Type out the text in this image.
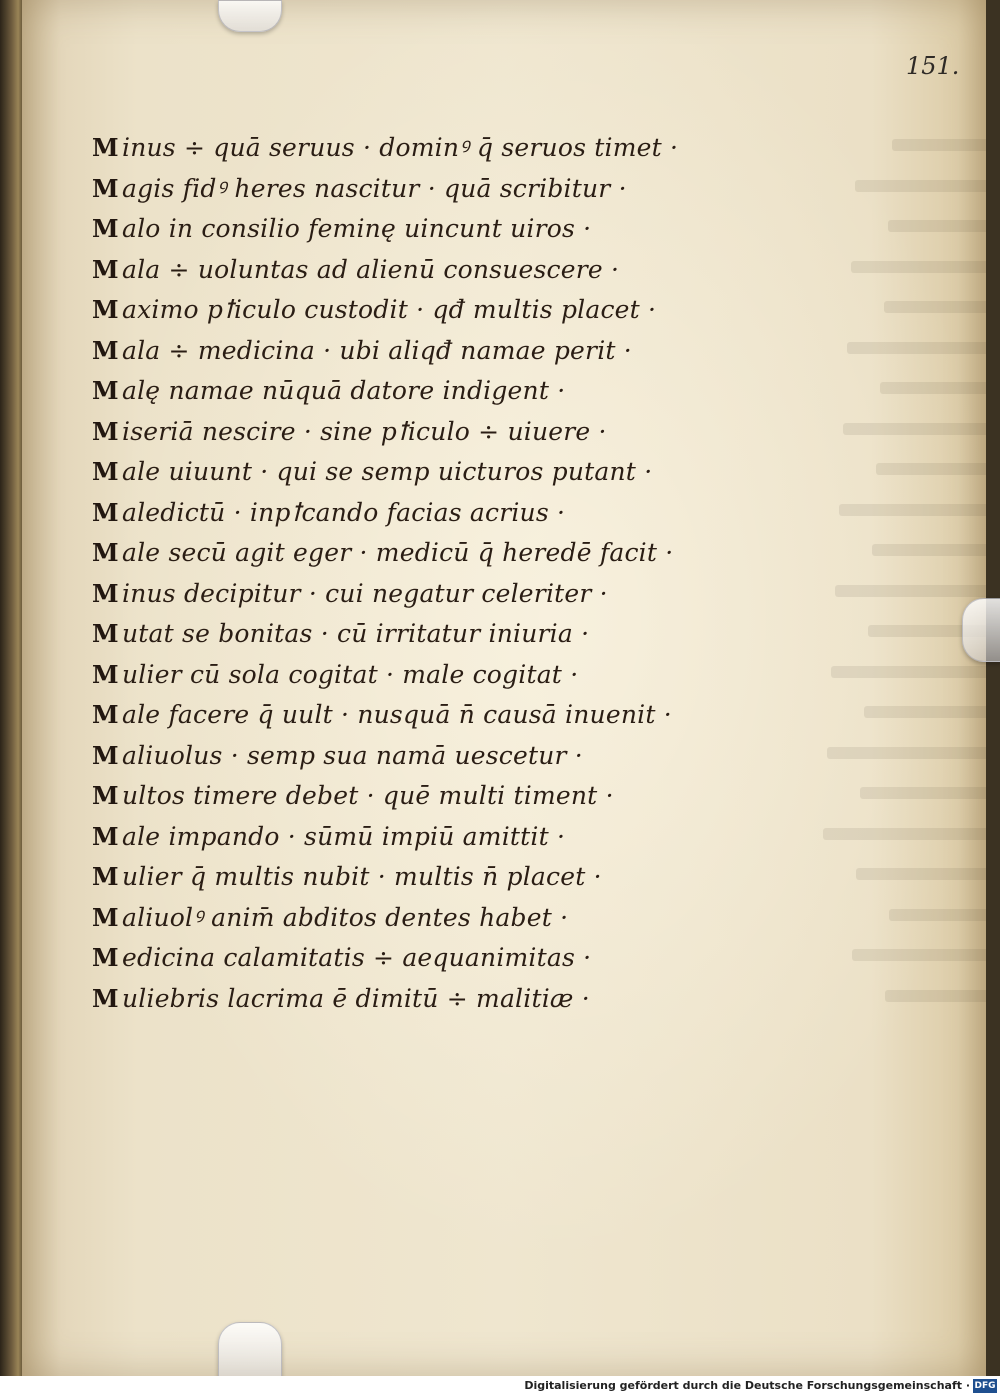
151.
M inus ÷ quā seruus · dominꝰ q̄ seruos timet ·
M agis fidꝰ heres nascitur · quā scribitur ·
M alo in consilio feminę uincunt uiros ·
M ala ÷ uoluntas ad alienū consuescere ·
M aximo pꝉiculo custodit · qđ multis placet ·
M ala ÷ medicina · ubi aliqđ naтae perit ·
M alę naтae nūquā datore indigent ·
M iseriā nescire · sine pꝉiculo ÷ uiuere ·
M ale uiuunt · qui se semp uicturos putant ·
M aledictū · inpꝉcando facias acrius ·
M ale secū agit eger · medicū q̄ heredē facit ·
M inus decipitur · cui negatur celeriter ·
M utat se bonitas · cū irritatur iniuria ·
M ulier cū sola cogitat · male cogitat ·
M ale facere q̄ uult · nusquā n̄ causā inuenit ·
M aliuolus · semp sua naтā uescetur ·
M ultos timere debet · quē multi timent ·
M ale impando · sūmū impiū amittit ·
M ulier q̄ multis nubit · multis n̄ placet ·
M aliuolꝰ anim̄ abditos dentes habet ·
M edicina calamitatis ÷ aequanimitas ·
M uliebris lacrima ē dimitū ÷ malitiæ ·
Digitalisierung gefördert durch die Deutsche Forschungsgemeinschaft · DFG
